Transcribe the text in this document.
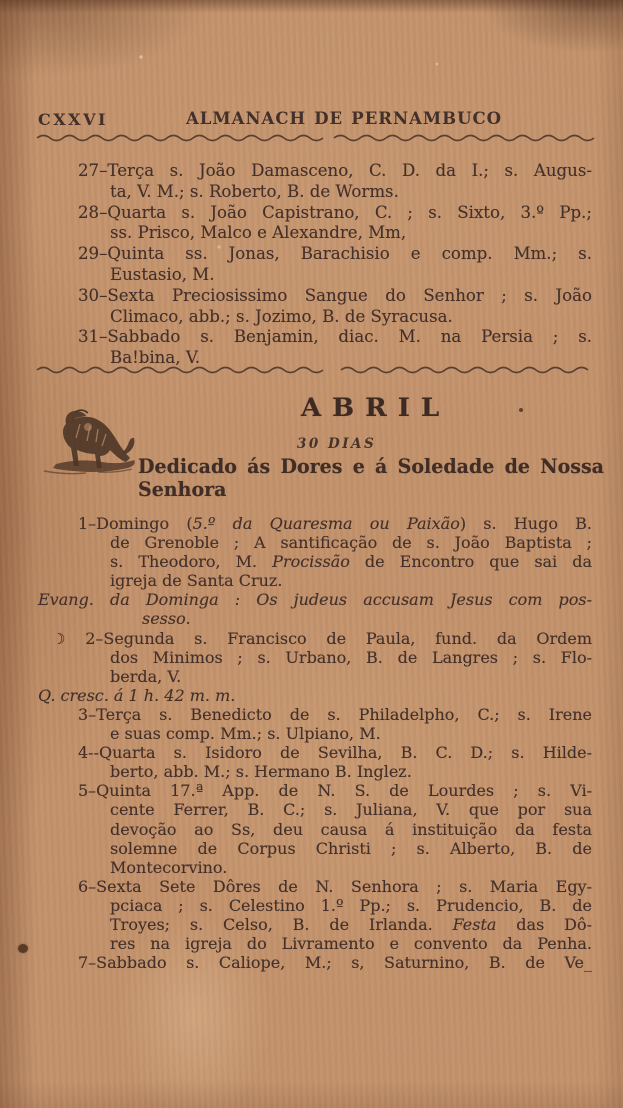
CXXVI	ALMANACH DE PERNAMBUCO
27–Terça s. João Damasceno, C. D. da I.; s. Augus-
ta, V. M.; s. Roberto, B. de Worms.
28–Quarta s. João Capistrano, C. ; s. Sixto, 3.º Pp.;
ss. Prisco, Malco e Alexandre, Mm,
29–Quinta ss. Jonas, Barachisio e comp. Mm.; s.
Eustasio, M.
30–Sexta Preciosissimo Sangue do Senhor ; s. João
Climaco, abb.; s. Jozimo, B. de Syracusa.
31–Sabbado s. Benjamin, diac. M. na Persia ; s.
Ba!bina, V.
ABRIL
30 DIAS
Dedicado ás Dores e á Soledade de Nossa Senhora
1–Domingo (5.º da Quaresma ou Paixão) s. Hugo B.
de Grenoble ; A santificação de s. João Baptista ;
s. Theodoro, M. Procissão de Encontro que sai da
igreja de Santa Cruz.
Evang. da Dominga : Os judeus accusam Jesus com pos-
sesso.
☽ 2–Segunda s. Francisco de Paula, fund. da Ordem
dos Minimos ; s. Urbano, B. de Langres ; s. Flo-
berda, V.
Q. cresc. á 1 h. 42 m. m.
3–Terça s. Benedicto de s. Philadelpho, C.; s. Irene
e suas comp. Mm.; s. Ulpiano, M.
4--Quarta s. Isidoro de Sevilha, B. C. D.; s. Hilde-
berto, abb. M.; s. Hermano B. Inglez.
5–Quinta 17.ª App. de N. S. de Lourdes ; s. Vi-
cente Ferrer, B. C.; s. Juliana, V. que por sua
devoção ao Ss, deu causa á instituição da festa
solemne de Corpus Christi ; s. Alberto, B. de
Montecorvino.
6–Sexta Sete Dôres de N. Senhora ; s. Maria Egy-
pciaca ; s. Celestino 1.º Pp.; s. Prudencio, B. de
Troyes; s. Celso, B. de Irlanda. Festa das Dô-
res na igreja do Livramento e convento da Penha.
7–Sabbado s. Caliope, M.; s, Saturnino, B. de Ve_
